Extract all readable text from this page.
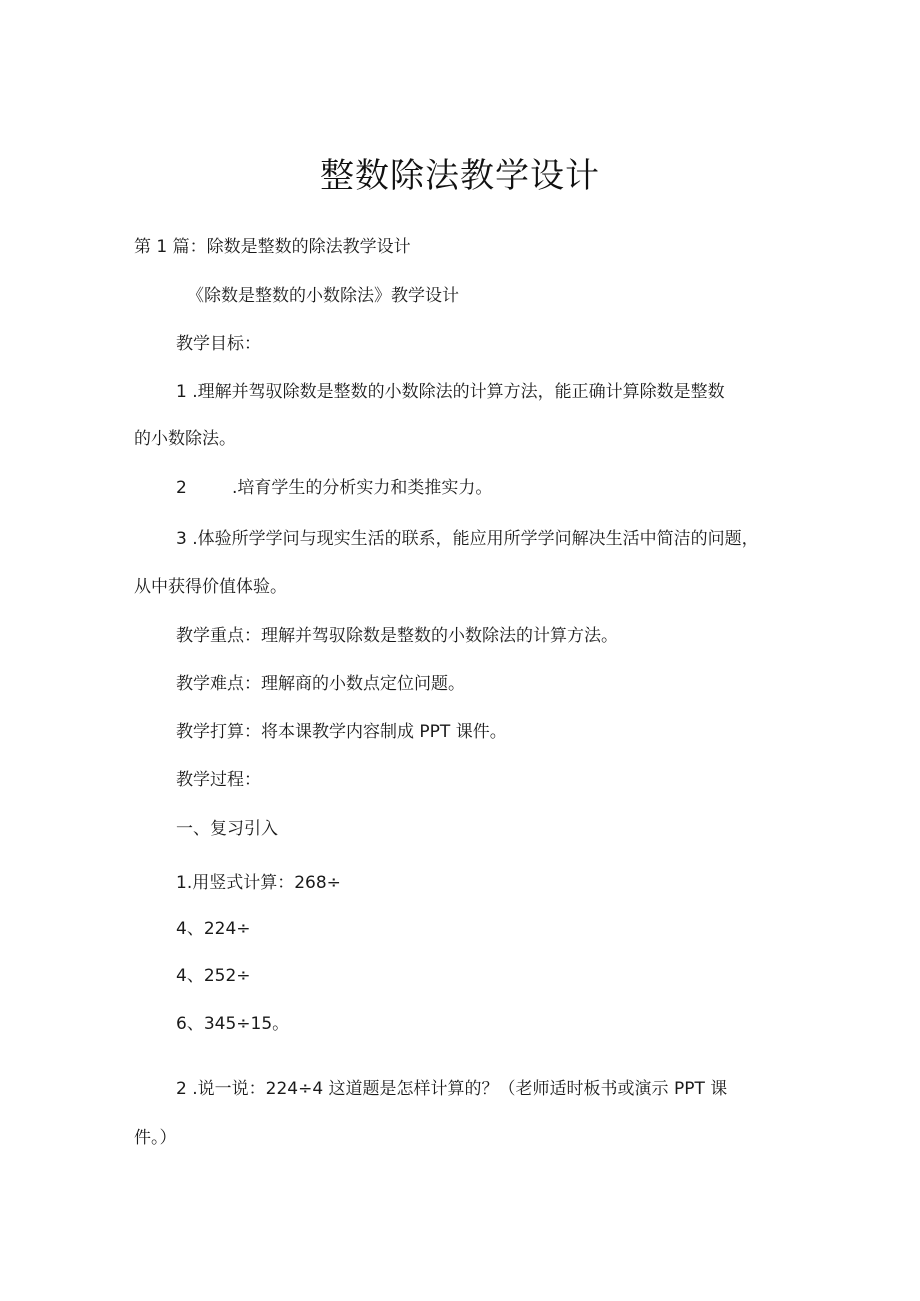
整数除法教学设计
第 1 篇：除数是整数的除法教学设计
《除数是整数的小数除法》教学设计
教学目标：
1 .理解并驾驭除数是整数的小数除法的计算方法，能正确计算除数是整数
的小数除法。
2	.培育学生的分析实力和类推实力。
3 .体验所学学问与现实生活的联系，能应用所学学问解决生活中简洁的问题，
从中获得价值体验。
教学重点：理解并驾驭除数是整数的小数除法的计算方法。
教学难点：理解商的小数点定位问题。
教学打算：将本课教学内容制成 PPT 课件。
教学过程：
一、复习引入
1.用竖式计算：268÷
4、224÷
4、252÷
6、345÷15。
2 .说一说：224÷4 这道题是怎样计算的？（老师适时板书或演示 PPT 课
件。）
